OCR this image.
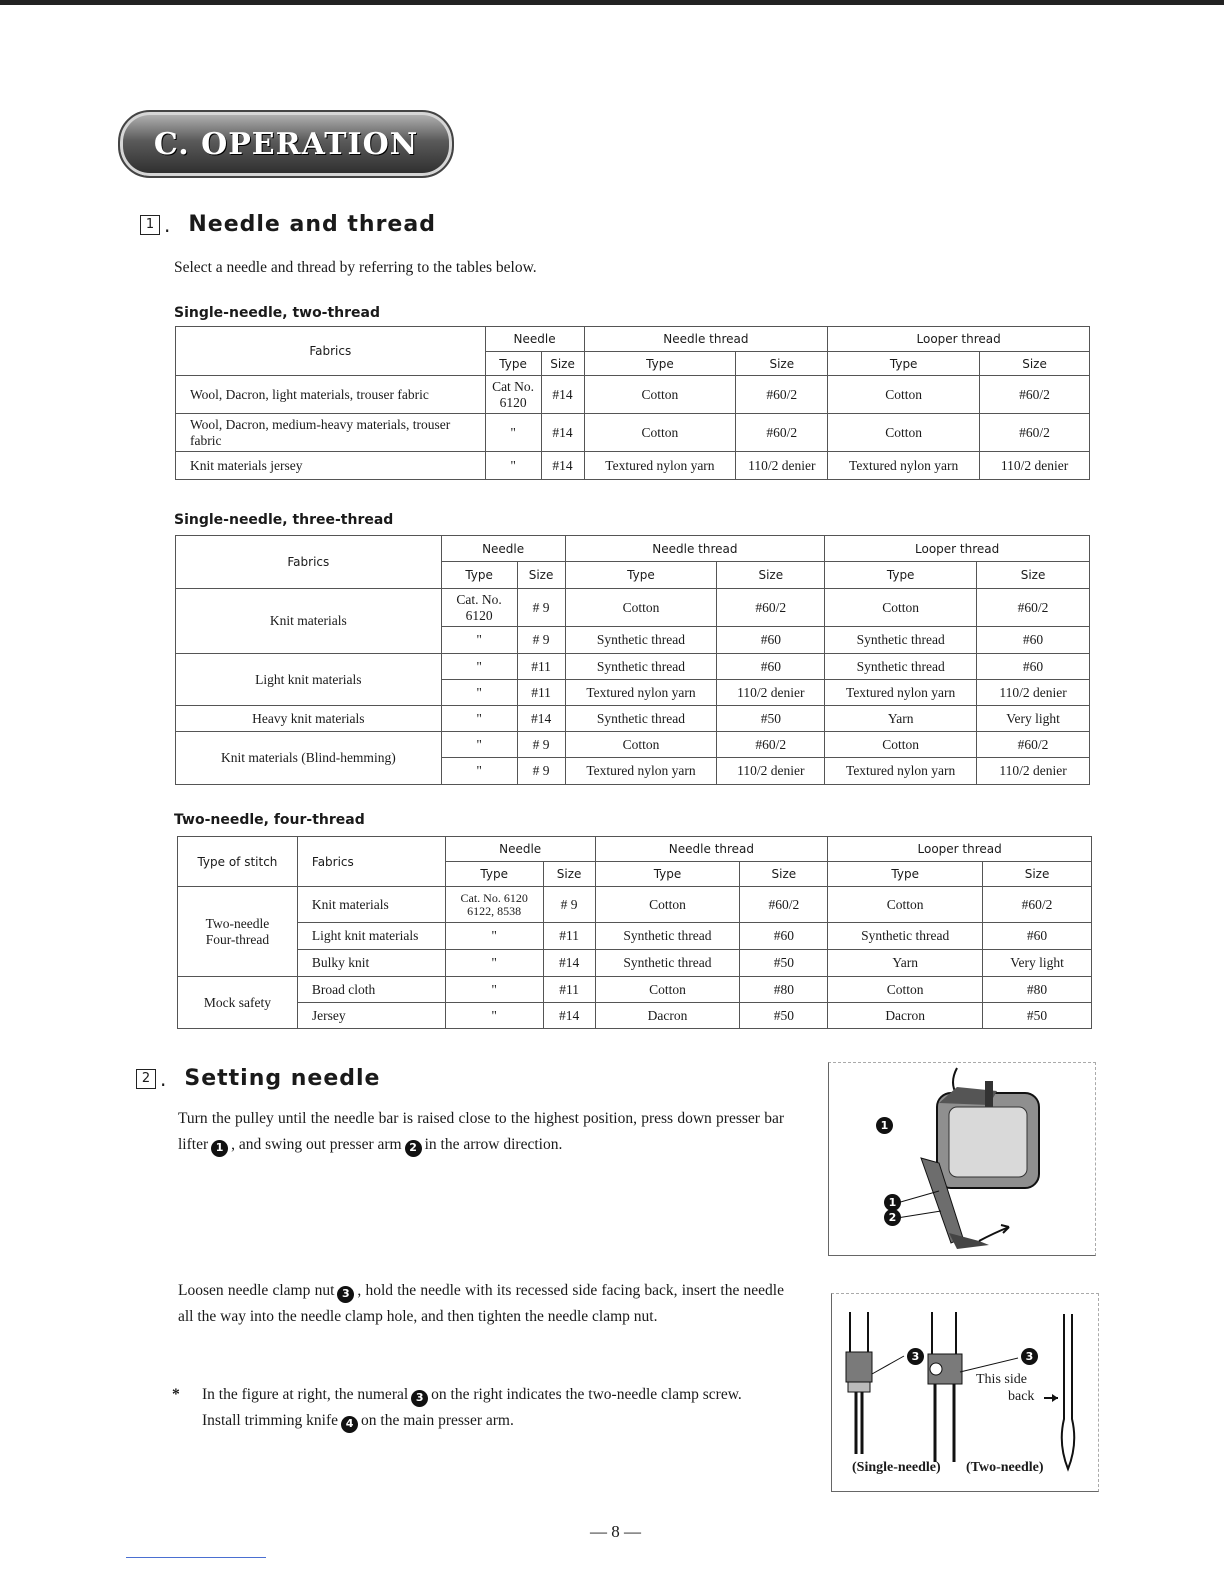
C. OPERATION
1 . Needle and thread
Select a needle and thread by referring to the tables below.
Single-needle, two-thread
Fabrics	Needle		Needle thread		Looper thread	
	Type	Size	Type	Size	Type	Size
Wool, Dacron, light materials, trouser fabric	Cat No. 6120	#14	Cotton	#60/2	Cotton	#60/2
Wool, Dacron, medium-heavy materials, trouser fabric	"	#14	Cotton	#60/2	Cotton	#60/2
Knit materials jersey	"	#14	Textured nylon yarn	110/2 denier	Textured nylon yarn	110/2 denier
Single-needle, three-thread
Fabrics	Needle		Needle thread		Looper thread	
	Type	Size	Type	Size	Type	Size
Knit materials	Cat. No. 6120	# 9	Cotton	#60/2	Cotton	#60/2
	"	# 9	Synthetic thread	#60	Synthetic thread	#60
Light knit materials	"	#11	Synthetic thread	#60	Synthetic thread	#60
	"	#11	Textured nylon yarn	110/2 denier	Textured nylon yarn	110/2 denier
Heavy knit materials	"	#14	Synthetic thread	#50	Yarn	Very light
Knit materials (Blind-hemming)	"	# 9	Cotton	#60/2	Cotton	#60/2
	"	# 9	Textured nylon yarn	110/2 denier	Textured nylon yarn	110/2 denier
Two-needle, four-thread
Type of stitch	Fabrics	Needle		Needle thread		Looper thread	
		Type	Size	Type	Size	Type	Size
Two-needle Four-thread	Knit materials	Cat. No. 6120 6122, 8538	# 9	Cotton	#60/2	Cotton	#60/2
	Light knit materials	"	#11	Synthetic thread	#60	Synthetic thread	#60
	Bulky knit	"	#14	Synthetic thread	#50	Yarn	Very light
Mock safety	Broad cloth	"	#11	Cotton	#80	Cotton	#80
	Jersey	"	#14	Dacron	#50	Dacron	#50
2 . Setting needle
Turn the pulley until the needle bar is raised close to the highest position, press down presser bar lifter 1 , and swing out presser arm 2 in the arrow direction.
Loosen needle clamp nut 3 , hold the needle with its recessed side facing back, insert the needle all the way into the needle clamp hole, and then tighten the needle clamp nut.
*	In the figure at right, the numeral 3 on the right indicates the two-needle clamp screw.
Install trimming knife 4 on the main presser arm.
1
1
2
3	3
This side
back
(Single-needle) (Two-needle)
— 8 —
